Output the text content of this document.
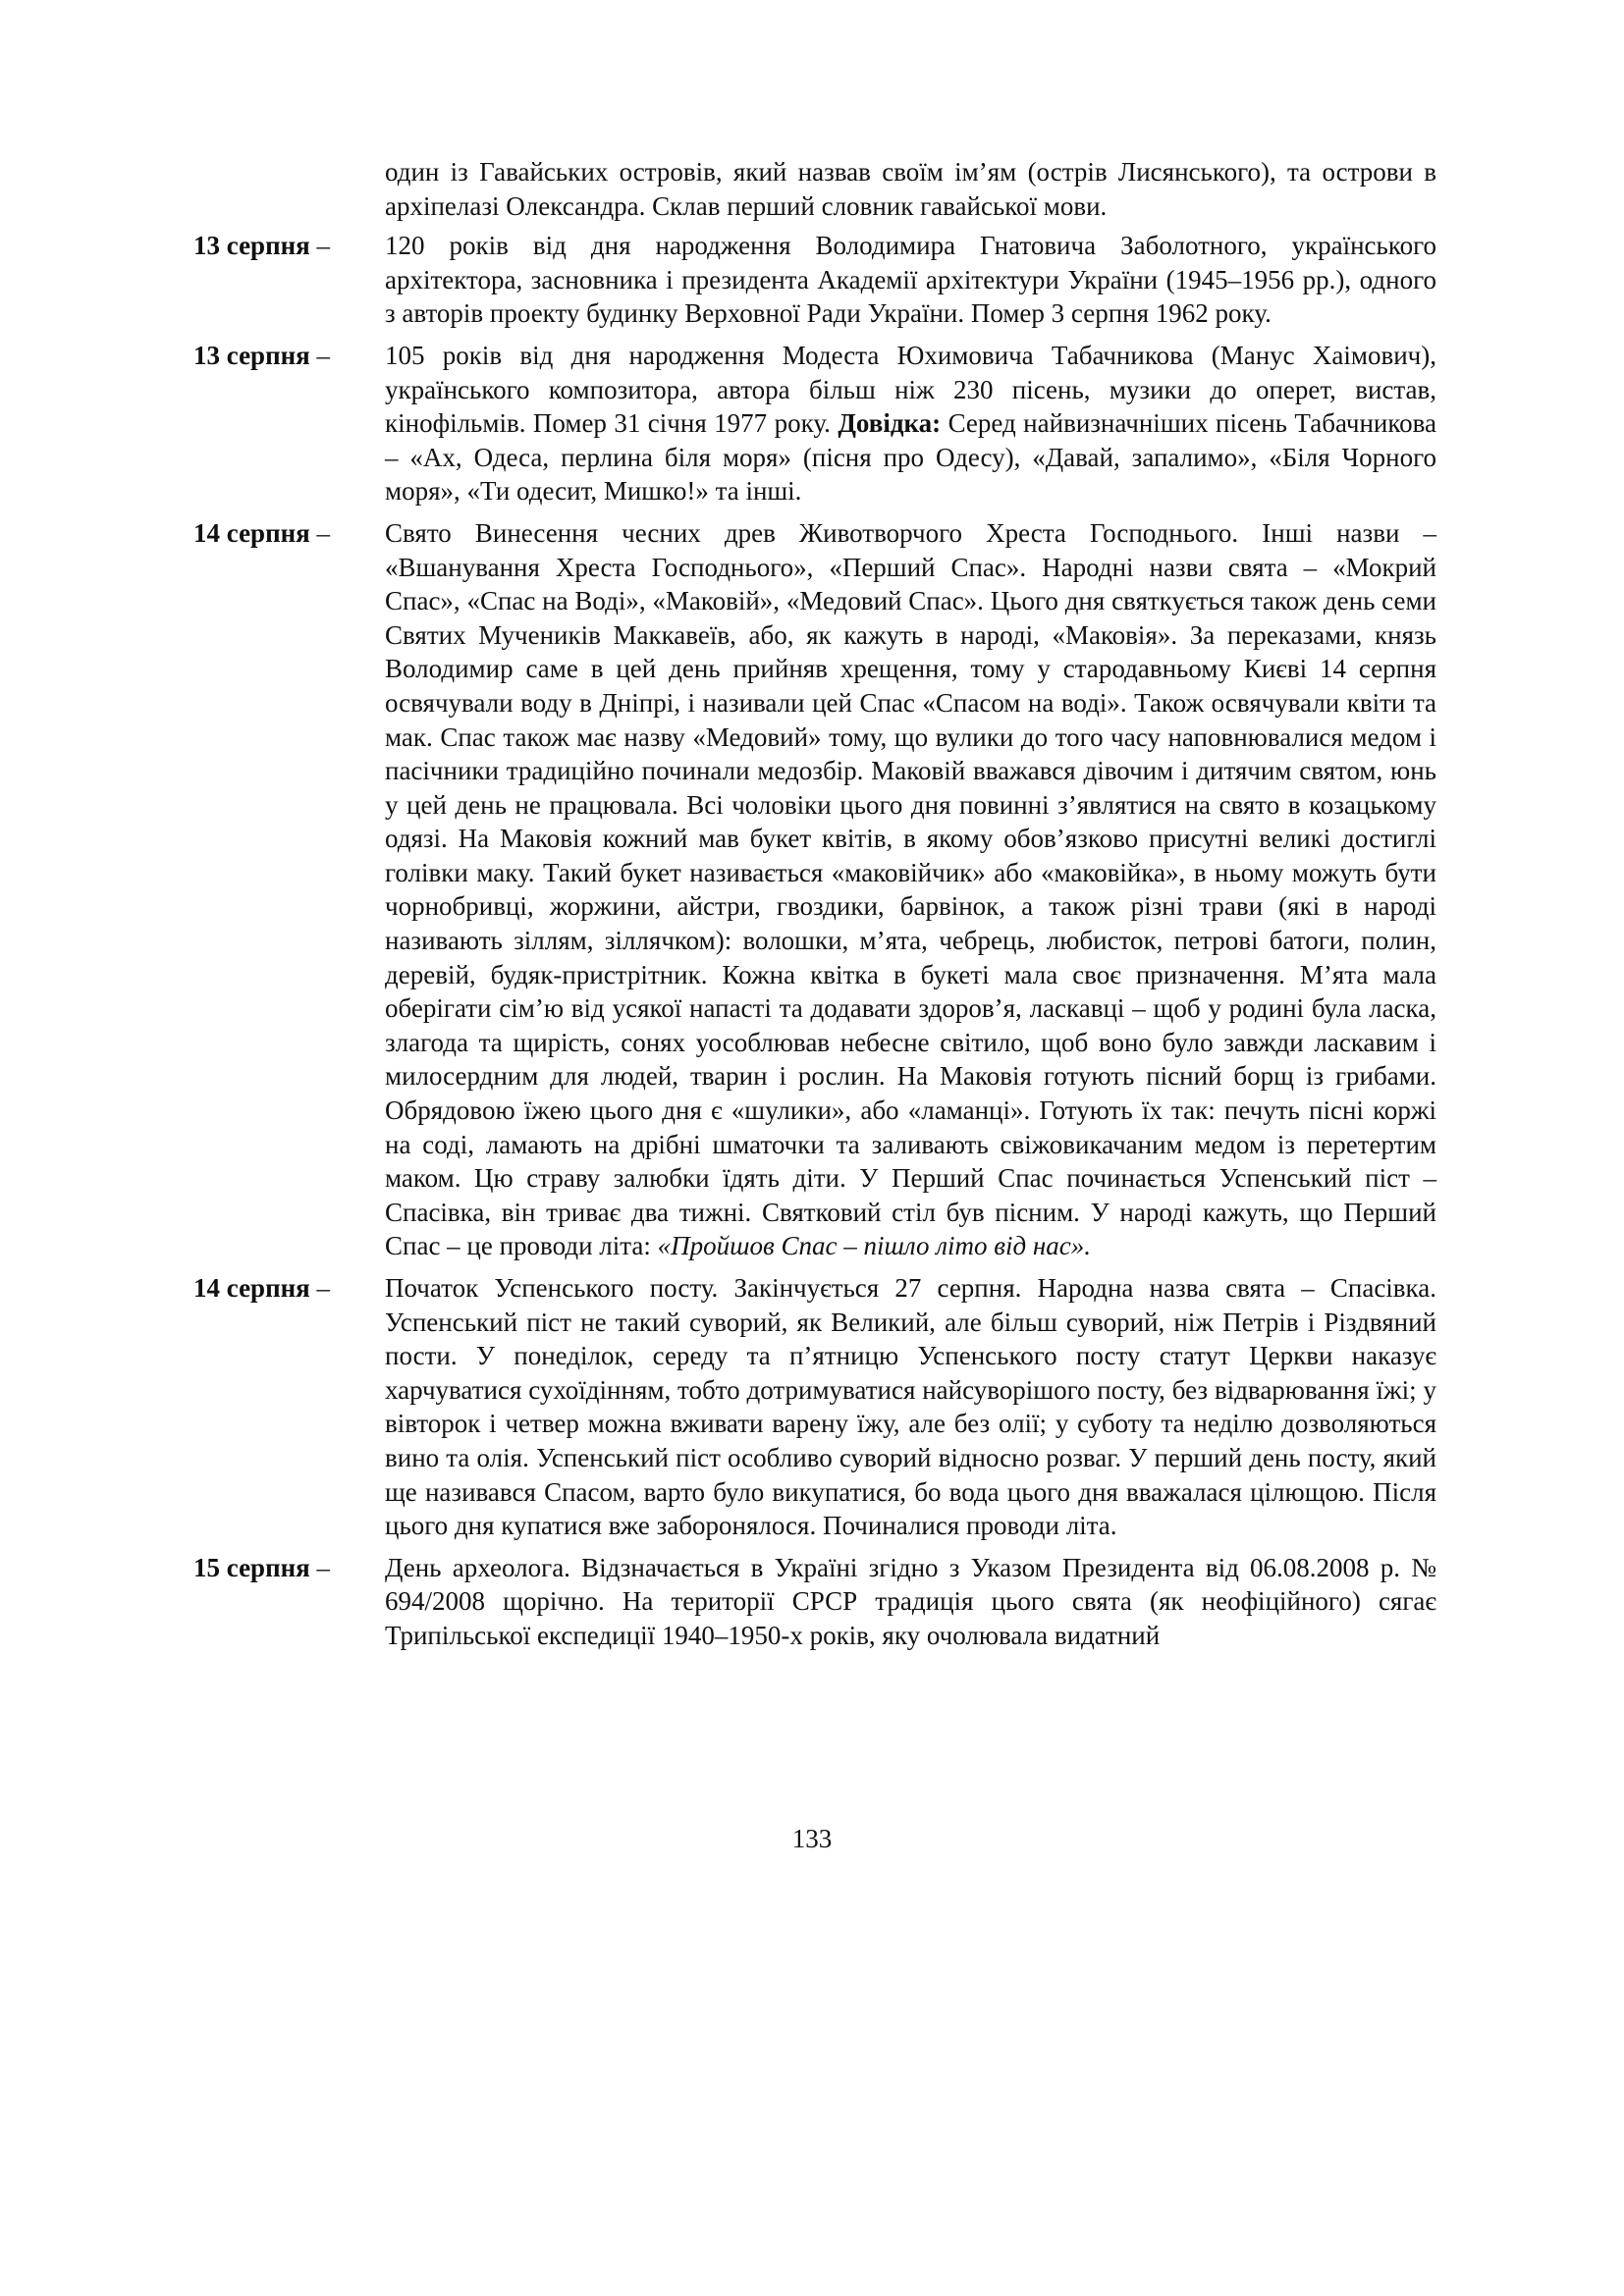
один із Гавайських островів, який назвав своїм ім’ям (острів Лисянського), та острови в архіпелазі Олександра. Склав перший словник гавайської мови.
13 серпня – 120 років від дня народження Володимира Гнатовича Заболотного, українського архітектора, засновника і президента Академії архітектури України (1945–1956 рр.), одного з авторів проекту будинку Верховної Ради України. Помер 3 серпня 1962 року.
13 серпня – 105 років від дня народження Модеста Юхимовича Табачникова (Манус Хаімович), українського композитора, автора більш ніж 230 пісень, музики до оперет, вистав, кінофільмів. Помер 31 січня 1977 року. Довідка: Серед найвизначніших пісень Табачникова – «Ах, Одеса, перлина біля моря» (пісня про Одесу), «Давай, запалимо», «Біля Чорного моря», «Ти одесит, Мишко!» та інші.
14 серпня – Свято Винесення чесних древ Животворчого Хреста Господнього. Інші назви – «Вшанування Хреста Господнього», «Перший Спас». Народні назви свята – «Мокрий Спас», «Спас на Воді», «Маковій», «Медовий Спас». Цього дня святкується також день семи Святих Мучеників Маккавеїв, або, як кажуть в народі, «Маковія». За переказами, князь Володимир саме в цей день прийняв хрещення, тому у стародавньому Києві 14 серпня освячували воду в Дніпрі, і називали цей Спас «Спасом на воді». Також освячували квіти та мак. Спас також має назву «Медовий» тому, що вулики до того часу наповнювалися медом і пасічники традиційно починали медозбір. Маковій вважався дівочим і дитячим святом, юнь у цей день не працювала. Всі чоловіки цього дня повинні з’являтися на свято в козацькому одязі. На Маковія кожний мав букет квітів, в якому обов’язково присутні великі достиглі голівки маку. Такий букет називається «маковійчик» або «маковійка», в ньому можуть бути чорнобривці, жоржини, айстри, гвоздики, барвінок, а також різні трави (які в народі називають зіллям, зіллячком): волошки, м’ята, чебрець, любисток, петрові батоги, полин, деревій, будяк-пристрітник. Кожна квітка в букеті мала своє призначення. М’ята мала оберігати сім’ю від усякої напасті та додавати здоров’я, ласкавці – щоб у родині була ласка, злагода та щирість, сонях уособлював небесне світило, щоб воно було завжди ласкавим і милосердним для людей, тварин і рослин. На Маковія готують пісний борщ із грибами. Обрядовою їжею цього дня є «шулики», або «ламанці». Готують їх так: печуть пісні коржі на соді, ламають на дрібні шматочки та заливають свіжовикачаним медом із перетертим маком. Цю страву залюбки їдять діти. У Перший Спас починається Успенський піст – Спасівка, він триває два тижні. Святковий стіл був пісним. У народі кажуть, що Перший Спас – це проводи літа: «Пройшов Спас – пішло літо від нас».
14 серпня – Початок Успенського посту. Закінчується 27 серпня. Народна назва свята – Спасівка. Успенський піст не такий суворий, як Великий, але більш суворий, ніж Петрів і Різдвяний пости. У понеділок, середу та п’ятницю Успенського посту статут Церкви наказує харчуватися сухоїдінням, тобто дотримуватися найсуворішого посту, без відварювання їжі; у вівторок і четвер можна вживати варену їжу, але без олії; у суботу та неділю дозволяються вино та олія. Успенський піст особливо суворий відносно розваг. У перший день посту, який ще називався Спасом, варто було викупатися, бо вода цього дня вважалася цілющою. Після цього дня купатися вже заборонялося. Починалися проводи літа.
15 серпня – День археолога. Відзначається в Україні згідно з Указом Президента від 06.08.2008 р. № 694/2008 щорічно. На території СРСР традиція цього свята (як неофіційного) сягає Трипільської експедиції 1940–1950-х років, яку очолювала видатний
133
